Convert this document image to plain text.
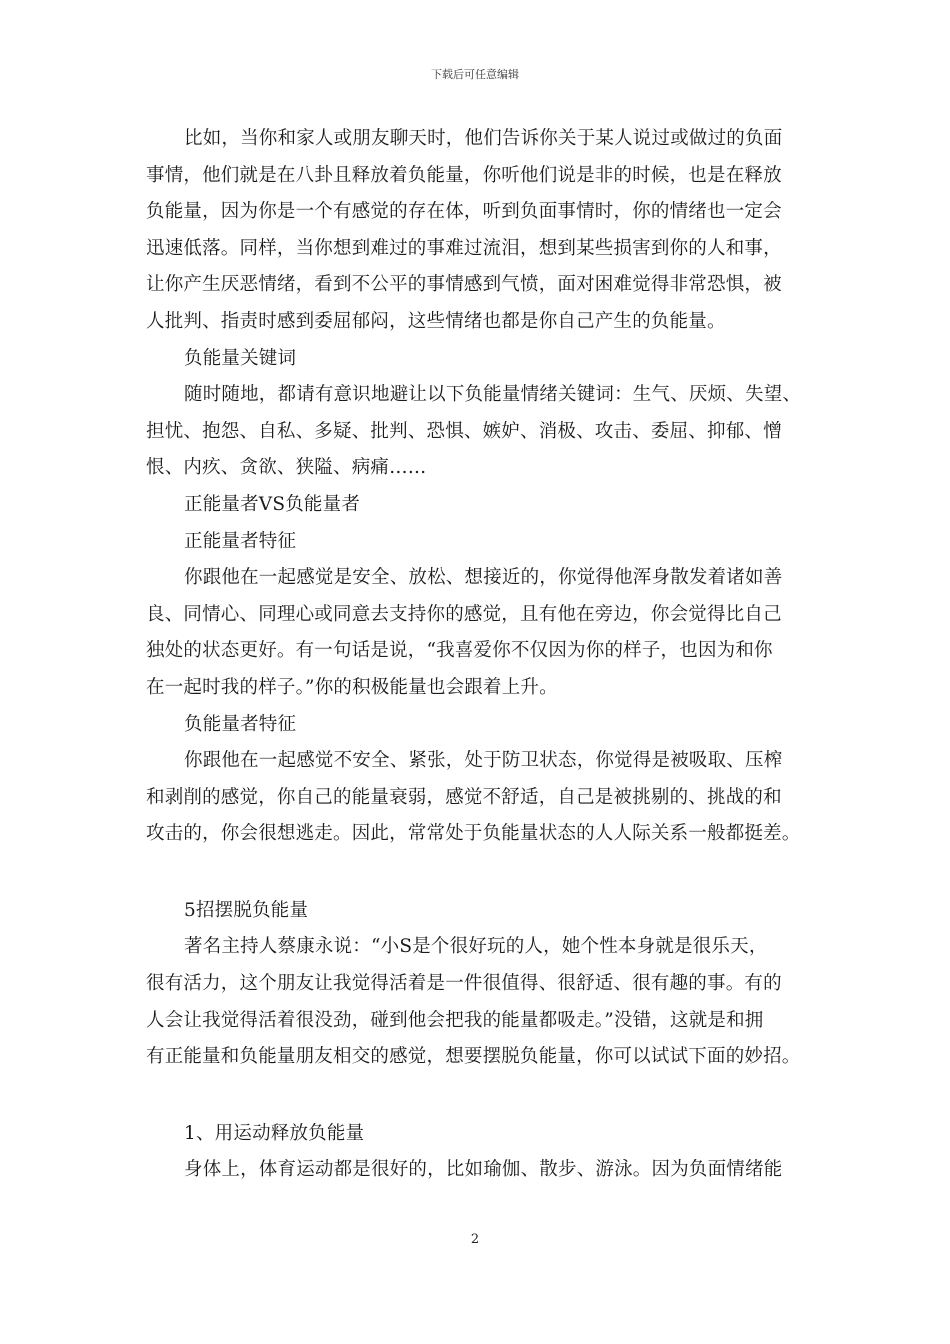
下载后可任意编辑
比如，当你和家人或朋友聊天时，他们告诉你关于某人说过或做过的负面
事情，他们就是在八卦且释放着负能量，你听他们说是非的时候，也是在释放
负能量，因为你是一个有感觉的存在体，听到负面事情时，你的情绪也一定会
迅速低落。同样，当你想到难过的事难过流泪，想到某些损害到你的人和事，
让你产生厌恶情绪，看到不公平的事情感到气愤，面对困难觉得非常恐惧，被
人批判、指责时感到委屈郁闷，这些情绪也都是你自己产生的负能量。
负能量关键词
随时随地，都请有意识地避让以下负能量情绪关键词：生气、厌烦、失望、
担忧、抱怨、自私、多疑、批判、恐惧、嫉妒、消极、攻击、委屈、抑郁、憎
恨、内疚、贪欲、狭隘、病痛……
正能量者VS负能量者
正能量者特征
你跟他在一起感觉是安全、放松、想接近的，你觉得他浑身散发着诸如善
良、同情心、同理心或同意去支持你的感觉，且有他在旁边，你会觉得比自己
独处的状态更好。有一句话是说，“我喜爱你不仅因为你的样子，也因为和你
在一起时我的样子。”你的积极能量也会跟着上升。
负能量者特征
你跟他在一起感觉不安全、紧张，处于防卫状态，你觉得是被吸取、压榨
和剥削的感觉，你自己的能量衰弱，感觉不舒适，自己是被挑剔的、挑战的和
攻击的，你会很想逃走。因此，常常处于负能量状态的人人际关系一般都挺差。
5招摆脱负能量
著名主持人蔡康永说：“小S是个很好玩的人，她个性本身就是很乐天，
很有活力，这个朋友让我觉得活着是一件很值得、很舒适、很有趣的事。有的
人会让我觉得活着很没劲，碰到他会把我的能量都吸走。”没错，这就是和拥
有正能量和负能量朋友相交的感觉，想要摆脱负能量，你可以试试下面的妙招。
1、用运动释放负能量
身体上，体育运动都是很好的，比如瑜伽、散步、游泳。因为负面情绪能
2
